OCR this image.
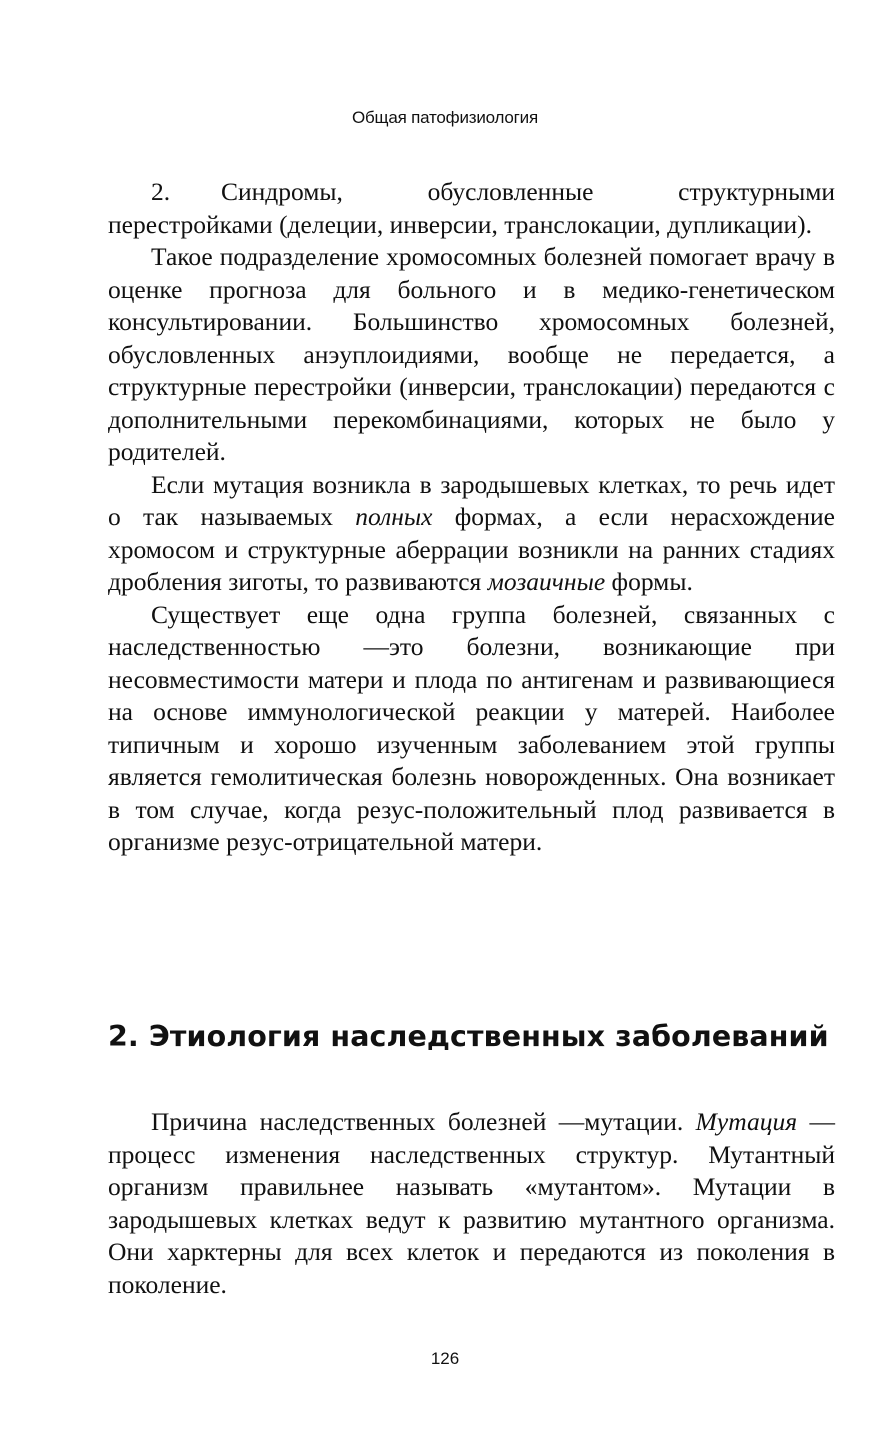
Общая патофизиология

2. Синдромы, обусловленные структурными перестройками (делеции, инверсии, транслокации, дупликации).

Такое подразделение хромосомных болезней помогает врачу в оценке прогноза для больного и в медико-генетическом консультировании. Большинство хромосомных болезней, обусловленных анэуплоидиями, вообще не передается, а структурные перестройки (инверсии, транслокации) передаются с дополнительными перекомбинациями, которых не было у родителей.

Если мутация возникла в зародышевых клетках, то речь идет о так называемых полных формах, а если нерасхождение хромосом и структурные аберрации возникли на ранних стадиях дробления зиготы, то развиваются мозаичные формы.

Существует еще одна группа болезней, связанных с наследственностью —это болезни, возникающие при несовместимости матери и плода по антигенам и развивающиеся на основе иммунологической реакции у матерей. Наиболее типичным и хорошо изученным заболеванием этой группы является гемолитическая болезнь новорожденных. Она возникает в том случае, когда резус-положительный плод развивается в организме резус-отрицательной матери.

2. Этиология наследственных заболеваний

Причина наследственных болезней —мутации. Мутация —процесс изменения наследственных структур. Мутантный организм правильнее называть «мутантом». Мутации в зародышевых клетках ведут к развитию мутантного организма. Они харктерны для всех клеток и передаются из поколения в поколение.

126
